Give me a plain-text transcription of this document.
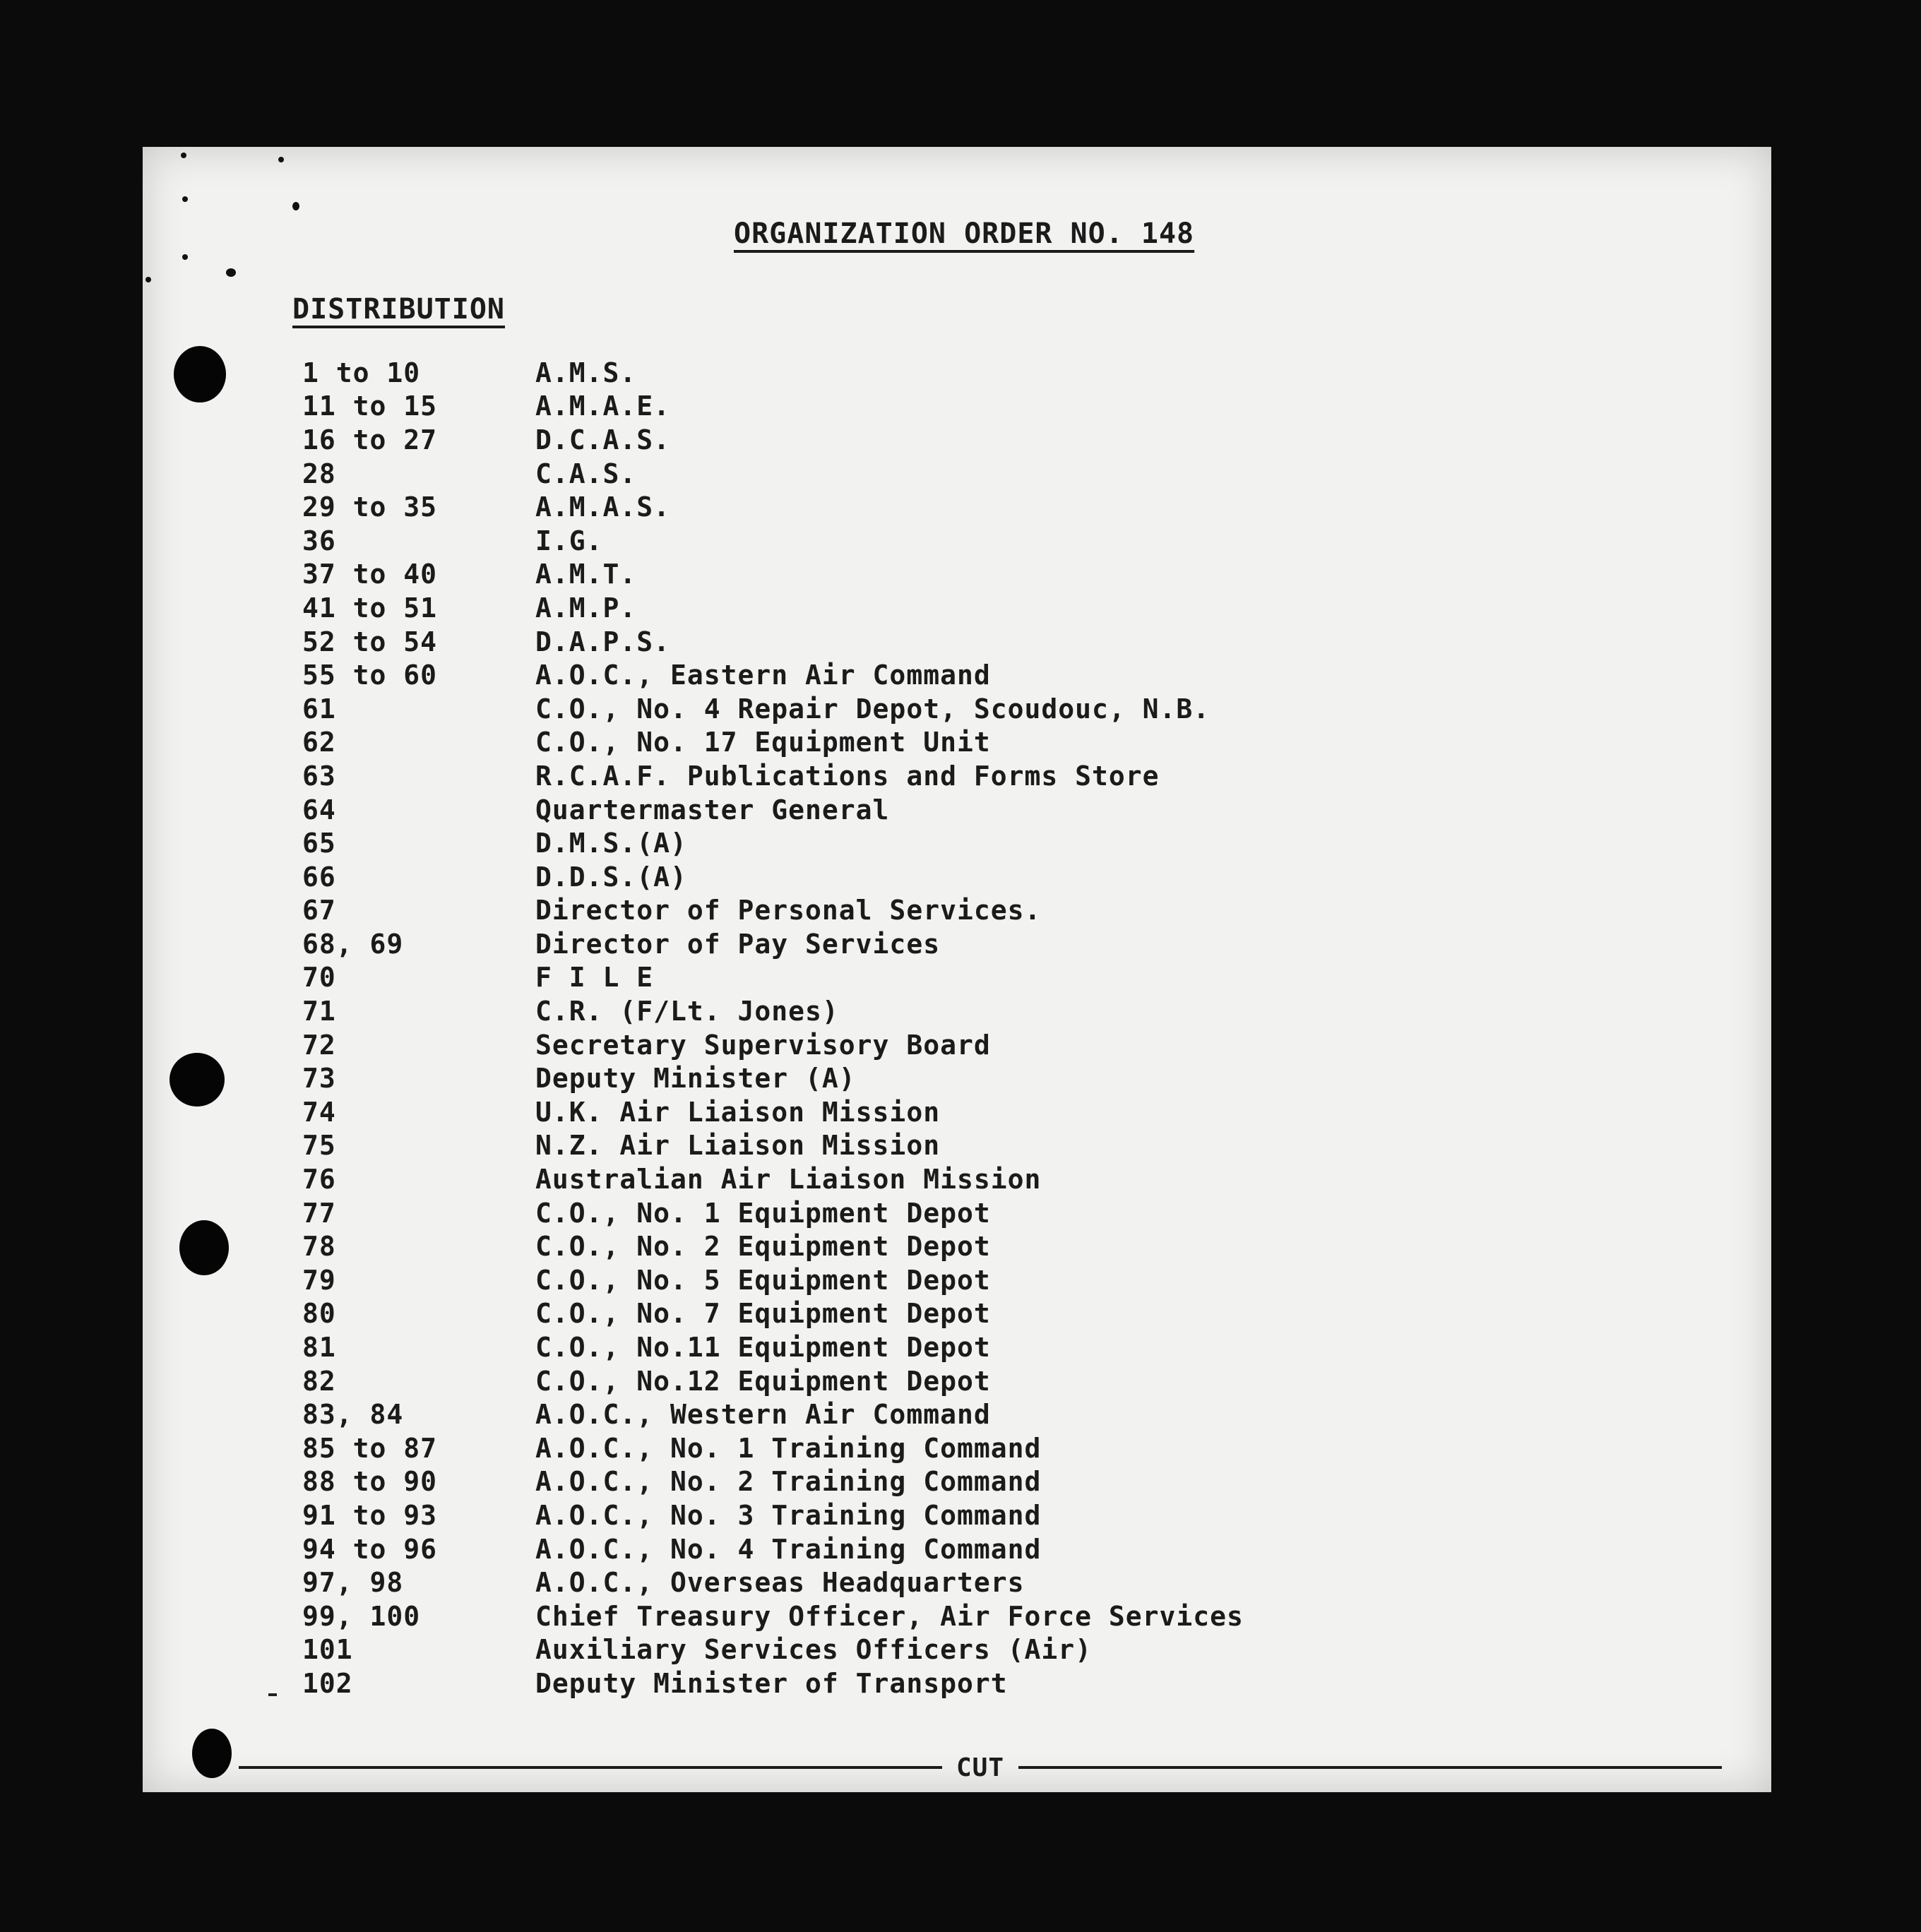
ORGANIZATION ORDER NO. 148
DISTRIBUTION
1 to 10	A.M.S.
11 to 15	A.M.A.E.
16 to 27	D.C.A.S.
28	C.A.S.
29 to 35	A.M.A.S.
36	I.G.
37 to 40	A.M.T.
41 to 51	A.M.P.
52 to 54	D.A.P.S.
55 to 60	A.O.C., Eastern Air Command
61	C.O., No. 4 Repair Depot, Scoudouc, N.B.
62	C.O., No. 17 Equipment Unit
63	R.C.A.F. Publications and Forms Store
64	Quartermaster General
65	D.M.S.(A)
66	D.D.S.(A)
67	Director of Personal Services.
68, 69	Director of Pay Services
70	F I L E
71	C.R. (F/Lt. Jones)
72	Secretary Supervisory Board
73	Deputy Minister (A)
74	U.K. Air Liaison Mission
75	N.Z. Air Liaison Mission
76	Australian Air Liaison Mission
77	C.O., No. 1 Equipment Depot
78	C.O., No. 2 Equipment Depot
79	C.O., No. 5 Equipment Depot
80	C.O., No. 7 Equipment Depot
81	C.O., No.11 Equipment Depot
82	C.O., No.12 Equipment Depot
83, 84	A.O.C., Western Air Command
85 to 87	A.O.C., No. 1 Training Command
88 to 90	A.O.C., No. 2 Training Command
91 to 93	A.O.C., No. 3 Training Command
94 to 96	A.O.C., No. 4 Training Command
97, 98	A.O.C., Overseas Headquarters
99, 100	Chief Treasury Officer, Air Force Services
101	Auxiliary Services Officers (Air)
102	Deputy Minister of Transport
CUT
